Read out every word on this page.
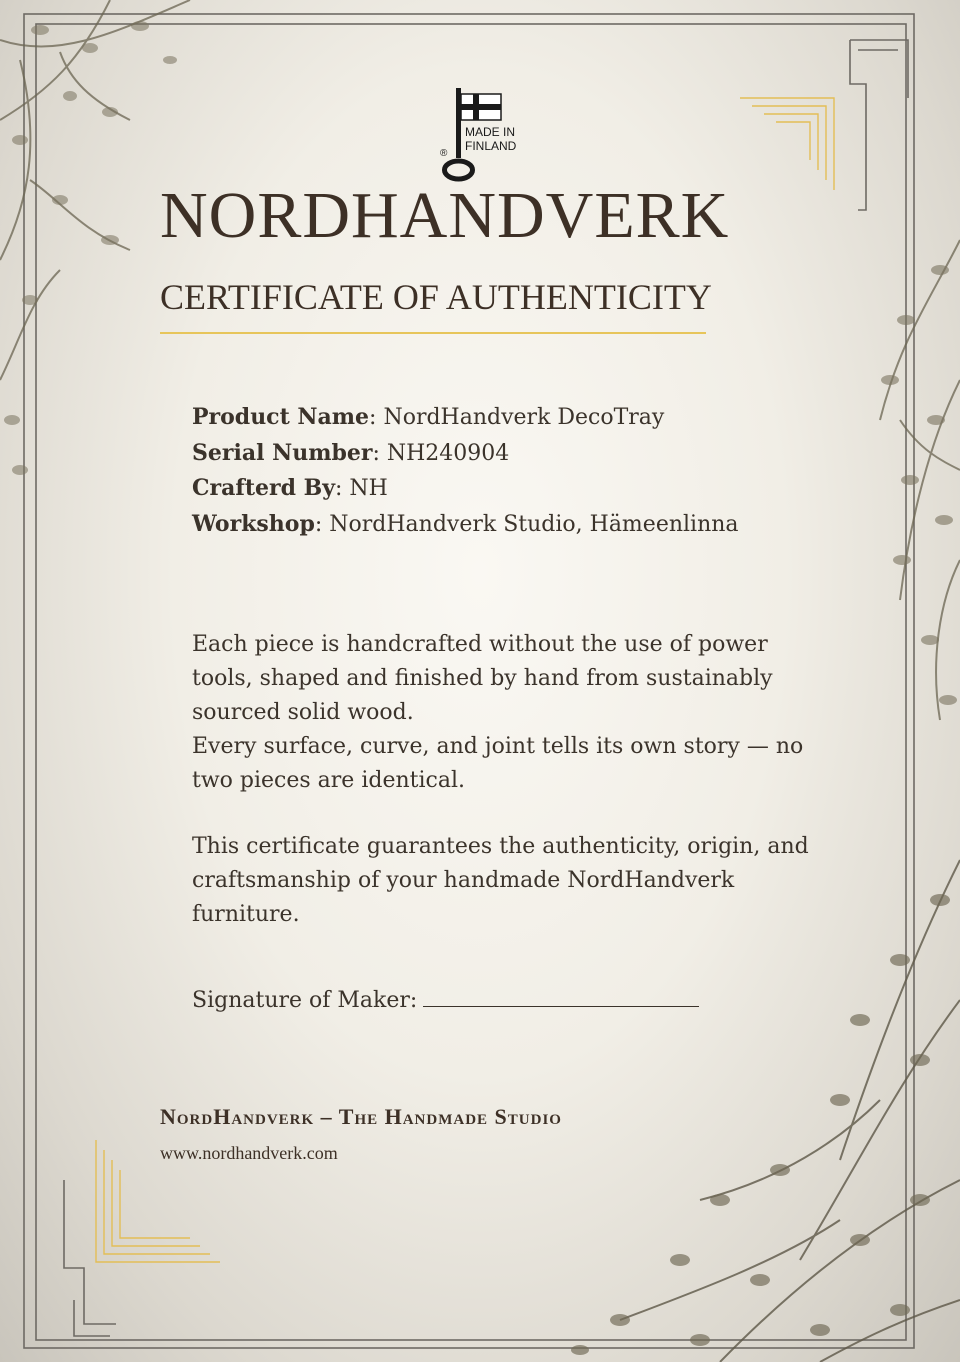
MADE IN
FINLAND
®
NORDHANDVERK
CERTIFICATE OF AUTHENTICITY
Product Name: NordHandverk DecoTray
Serial Number: NH240904
Crafterd By: NH
Workshop: NordHandverk Studio, Hämeenlinna
Each piece is handcrafted without the use of power tools, shaped and finished by hand from sustainably sourced solid wood.
Every surface, curve, and joint tells its own story — no two pieces are identical.
This certificate guarantees the authenticity, origin, and craftsmanship of your handmade NordHandverk furniture.
Signature of Maker:
NordHandverk – The Handmade Studio
www.nordhandverk.com
